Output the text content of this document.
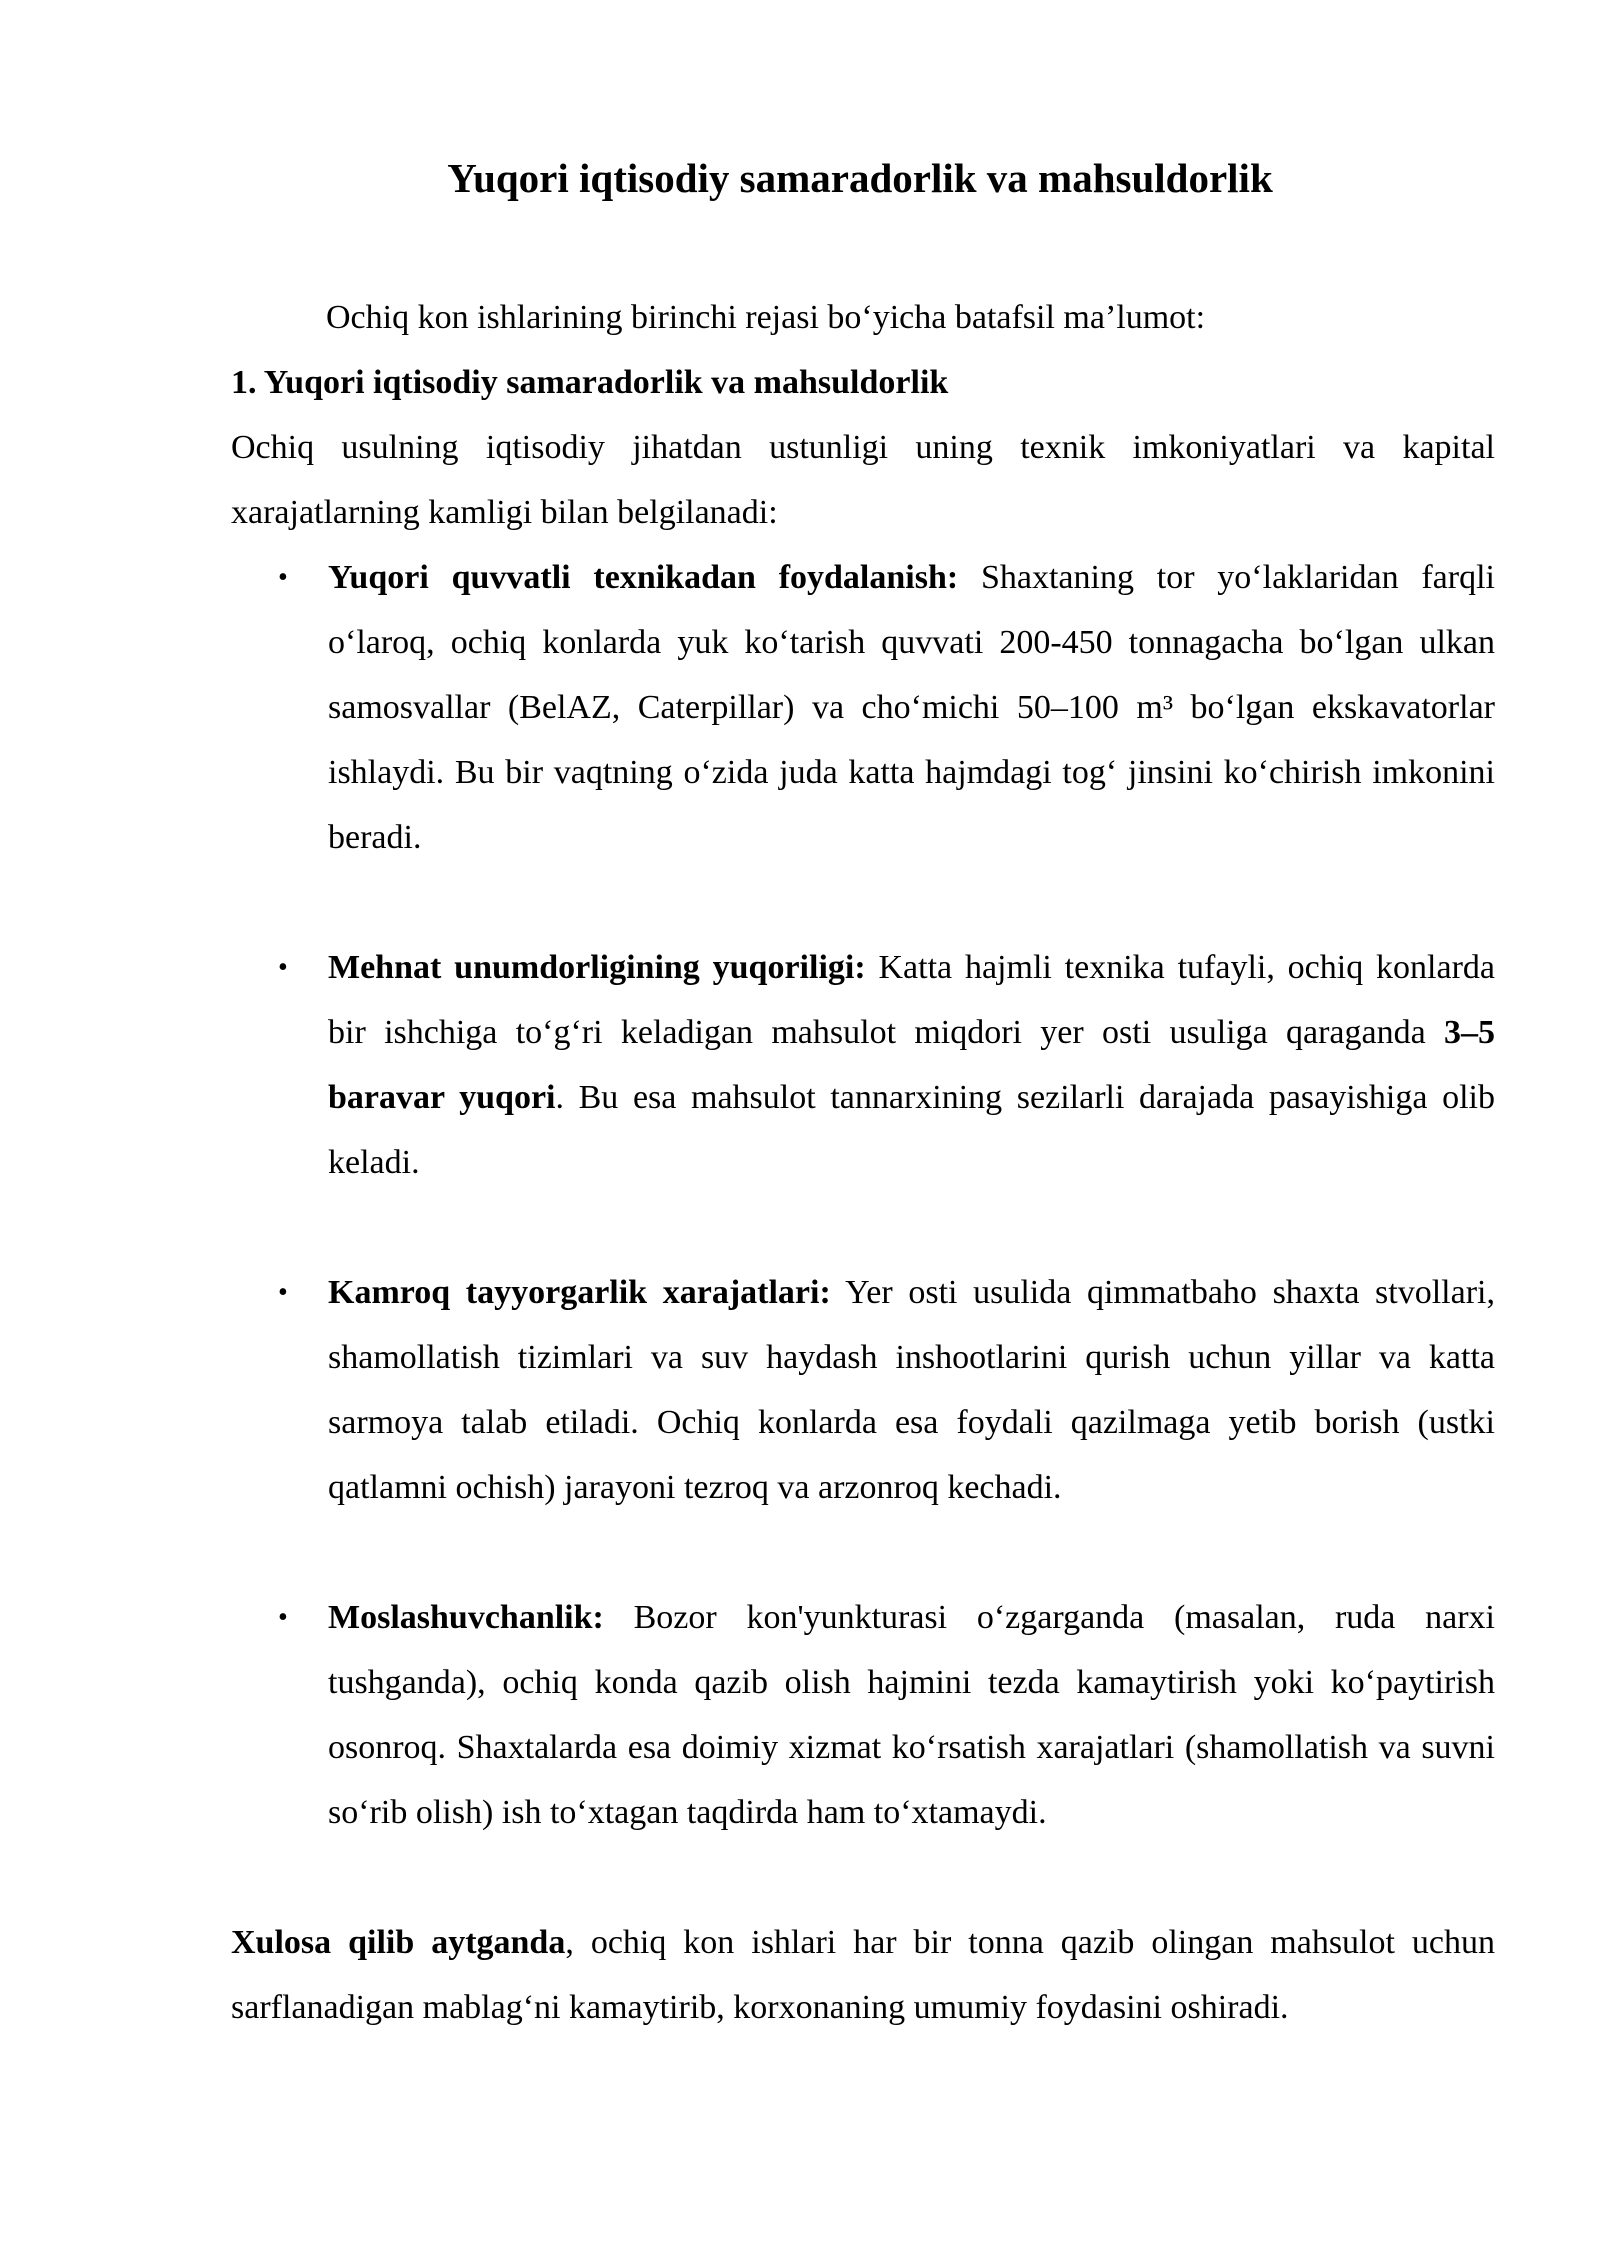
Yuqori iqtisodiy samaradorlik va mahsuldorlik

Ochiq kon ishlarining birinchi rejasi bo‘yicha batafsil ma’lumot:

1. Yuqori iqtisodiy samaradorlik va mahsuldorlik

Ochiq usulning iqtisodiy jihatdan ustunligi uning texnik imkoniyatlari va kapital xarajatlarning kamligi bilan belgilanadi:

• Yuqori quvvatli texnikadan foydalanish: Shaxtaning tor yo‘laklaridan farqli o‘laroq, ochiq konlarda yuk ko‘tarish quvvati 200-450 tonnagacha bo‘lgan ulkan samosvallar (BelAZ, Caterpillar) va cho‘michi 50–100 m³ bo‘lgan ekskavatorlar ishlaydi. Bu bir vaqtning o‘zida juda katta hajmdagi tog‘ jinsini ko‘chirish imkonini beradi.
• Mehnat unumdorligining yuqoriligi: Katta hajmli texnika tufayli, ochiq konlarda bir ishchiga to‘g‘ri keladigan mahsulot miqdori yer osti usuliga qaraganda 3–5 baravar yuqori. Bu esa mahsulot tannarxining sezilarli darajada pasayishiga olib keladi.
• Kamroq tayyorgarlik xarajatlari: Yer osti usulida qimmatbaho shaxta stvollari, shamollatish tizimlari va suv haydash inshootlarini qurish uchun yillar va katta sarmoya talab etiladi. Ochiq konlarda esa foydali qazilmaga yetib borish (ustki qatlamni ochish) jarayoni tezroq va arzonroq kechadi.
• Moslashuvchanlik: Bozor kon'yunkturasi o‘zgarganda (masalan, ruda narxi tushganda), ochiq konda qazib olish hajmini tezda kamaytirish yoki ko‘paytirish osonroq. Shaxtalarda esa doimiy xizmat ko‘rsatish xarajatlari (shamollatish va suvni so‘rib olish) ish to‘xtagan taqdirda ham to‘xtamaydi.

Xulosa qilib aytganda, ochiq kon ishlari har bir tonna qazib olingan mahsulot uchun sarflanadigan mablag‘ni kamaytirib, korxonaning umumiy foydasini oshiradi.
